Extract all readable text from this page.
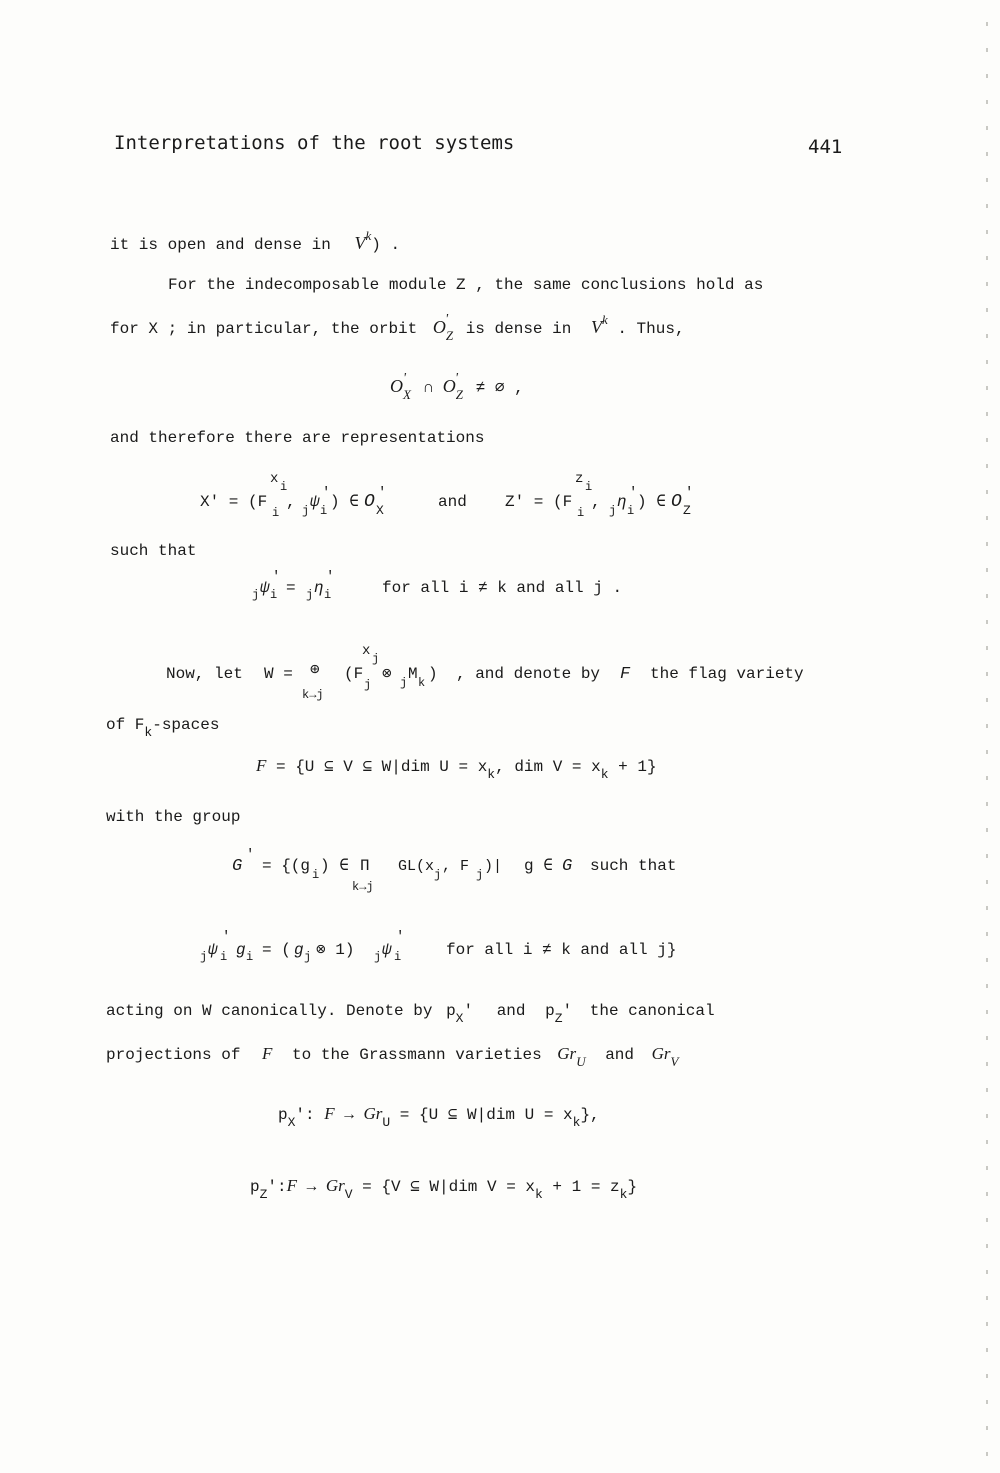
Interpretations of the root systems	441
it is open and dense in $V^k$) .
For the indecomposable module Z , the same conclusions hold as
for X ; in particular, the orbit $O_Z'$ is dense in $V^k$ . Thus,
$O_X'$ ∩ $O_Z'$ ≠ ∅ ,
and therefore there are representations
X' = (F
x i
i
, j ψ i
' ) ∈ O '
X	and Z' = (F
z i
i
, j η i
' ) ∈ O '
Z
such that
j ψ i
'
= j η i
'
for all i ≠ k and all j .
Now, let W = ⊕
k→j
(F
x j
j
⊗ j M k ) , and denote by F the flag variety
of $F_k$-spaces
F = {U ⊆ V ⊆ W|dim $U = x_k$, dim $V = x_k + 1$}
with the group
G
'
= {(g i ) ∈ Π
k→j
GL(x j , F j )| g ∈ G such that
j ψ i
'
g i = ( g j ⊗ 1) j ψ i
'
for all i ≠ k and all j}
acting on W canonically. Denote by $p_X'$ and $p_Z'$ the canonical
projections of F to the Grassmann varieties $Gr_U$ and $Gr_V$
$p_X'$: $F \to Gr_U = \{U$ ⊆ W|dim $U = x_k$},
$p_Z':F \to Gr_V = \{V$ ⊆ W|dim $V = x_k + 1 = z_k$}
